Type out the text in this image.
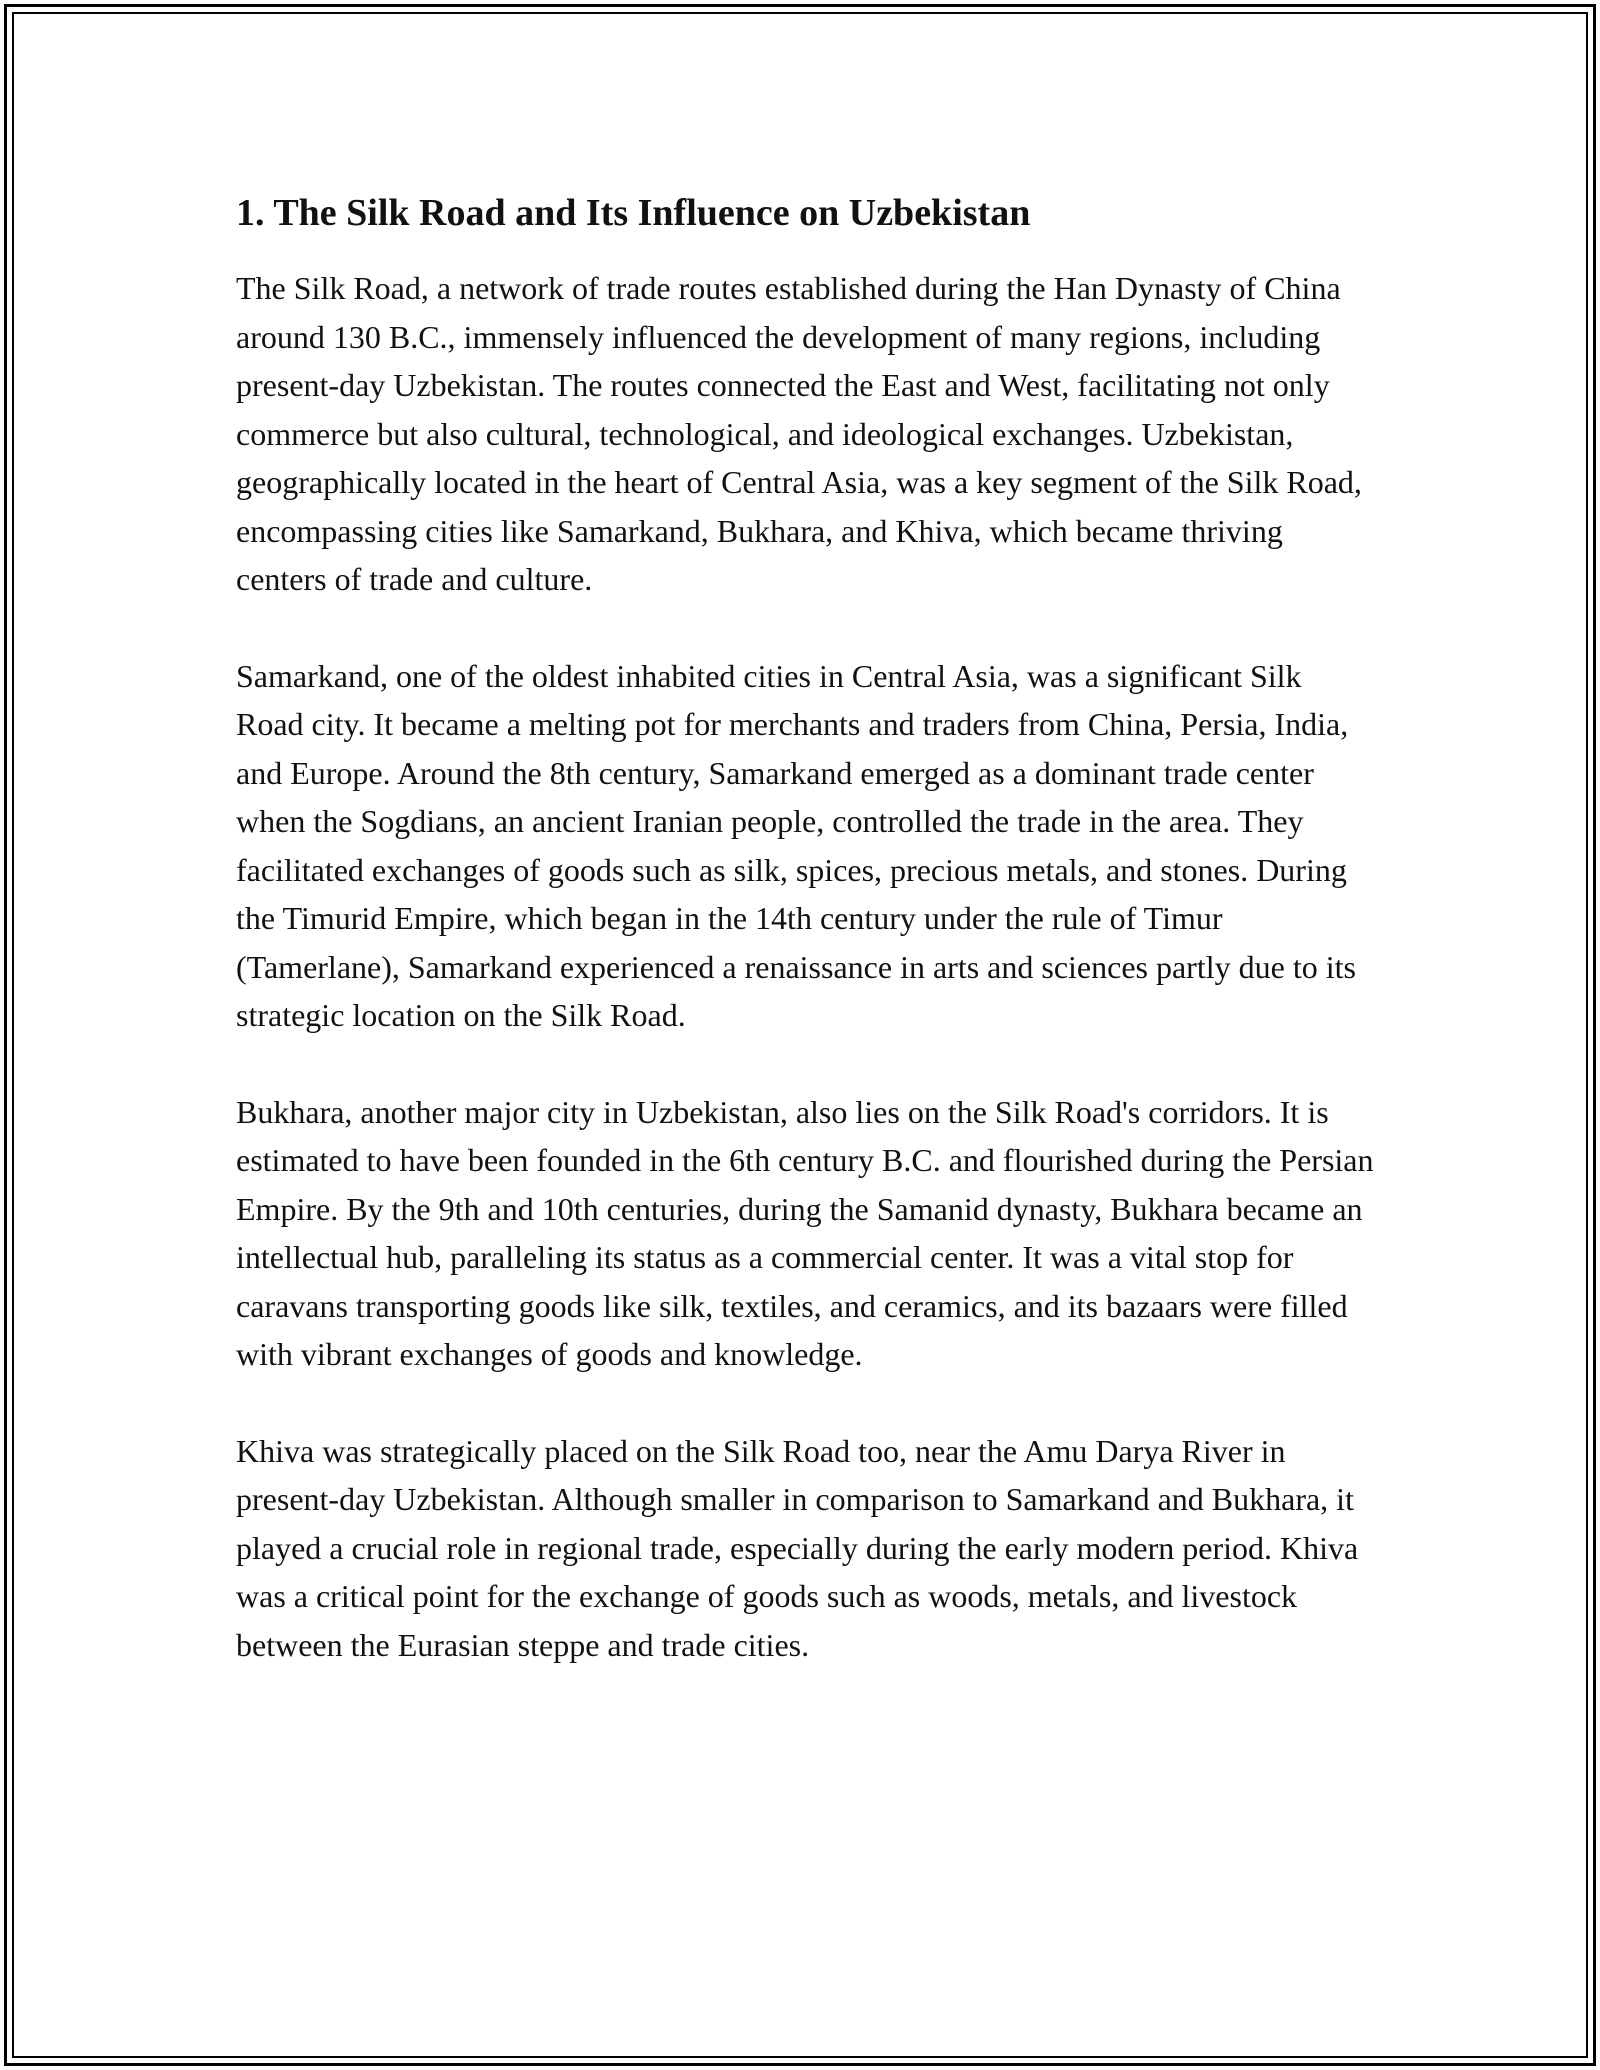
1. The Silk Road and Its Influence on Uzbekistan

The Silk Road, a network of trade routes established during the Han Dynasty of China around 130 B.C., immensely influenced the development of many regions, including present-day Uzbekistan. The routes connected the East and West, facilitating not only commerce but also cultural, technological, and ideological exchanges. Uzbekistan, geographically located in the heart of Central Asia, was a key segment of the Silk Road, encompassing cities like Samarkand, Bukhara, and Khiva, which became thriving centers of trade and culture.

Samarkand, one of the oldest inhabited cities in Central Asia, was a significant Silk Road city. It became a melting pot for merchants and traders from China, Persia, India, and Europe. Around the 8th century, Samarkand emerged as a dominant trade center when the Sogdians, an ancient Iranian people, controlled the trade in the area. They facilitated exchanges of goods such as silk, spices, precious metals, and stones. During the Timurid Empire, which began in the 14th century under the rule of Timur (Tamerlane), Samarkand experienced a renaissance in arts and sciences partly due to its strategic location on the Silk Road.

Bukhara, another major city in Uzbekistan, also lies on the Silk Road's corridors. It is estimated to have been founded in the 6th century B.C. and flourished during the Persian Empire. By the 9th and 10th centuries, during the Samanid dynasty, Bukhara became an intellectual hub, paralleling its status as a commercial center. It was a vital stop for caravans transporting goods like silk, textiles, and ceramics, and its bazaars were filled with vibrant exchanges of goods and knowledge.

Khiva was strategically placed on the Silk Road too, near the Amu Darya River in present-day Uzbekistan. Although smaller in comparison to Samarkand and Bukhara, it played a crucial role in regional trade, especially during the early modern period. Khiva was a critical point for the exchange of goods such as woods, metals, and livestock between the Eurasian steppe and trade cities.
